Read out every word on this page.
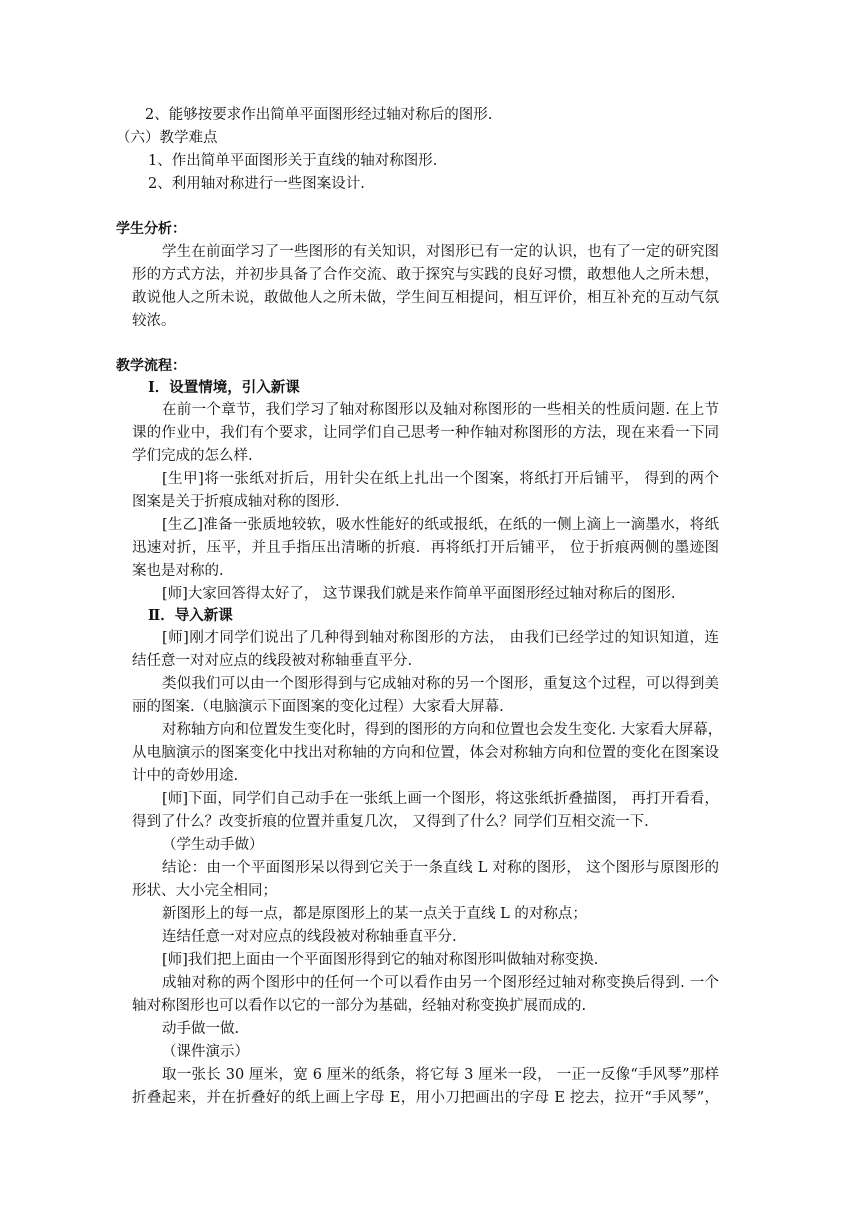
2、能够按要求作出简单平面图形经过轴对称后的图形.
（六）教学难点
1、作出简单平面图形关于直线的轴对称图形.
2、利用轴对称进行一些图案设计.
学生分析：
学生在前面学习了一些图形的有关知识，对图形已有一定的认识，也有了一定的研究图
形的方式方法，并初步具备了合作交流、敢于探究与实践的良好习惯，敢想他人之所未想，
敢说他人之所未说，敢做他人之所未做，学生间互相提问，相互评价，相互补充的互动气氛
较浓。
教学流程：
Ⅰ．设置情境，引入新课
在前一个章节，我们学习了轴对称图形以及轴对称图形的一些相关的性质问题. 在上节
课的作业中，我们有个要求，让同学们自己思考一种作轴对称图形的方法，现在来看一下同
学们完成的怎么样.
[生甲]将一张纸对折后，用针尖在纸上扎出一个图案，将纸打开后铺平， 得到的两个
图案是关于折痕成轴对称的图形.
[生乙]准备一张质地较软，吸水性能好的纸或报纸，在纸的一侧上滴上一滴墨水，将纸
迅速对折，压平，并且手指压出清晰的折痕．再将纸打开后铺平， 位于折痕两侧的墨迹图
案也是对称的.
[师]大家回答得太好了， 这节课我们就是来作简单平面图形经过轴对称后的图形.
Ⅱ．导入新课
[师]刚才同学们说出了几种得到轴对称图形的方法， 由我们已经学过的知识知道，连
结任意一对对应点的线段被对称轴垂直平分.
类似我们可以由一个图形得到与它成轴对称的另一个图形，重复这个过程，可以得到美
丽的图案.（电脑演示下面图案的变化过程）大家看大屏幕.
对称轴方向和位置发生变化时，得到的图形的方向和位置也会发生变化. 大家看大屏幕，
从电脑演示的图案变化中找出对称轴的方向和位置，体会对称轴方向和位置的变化在图案设
计中的奇妙用途.
[师]下面，同学们自己动手在一张纸上画一个图形，将这张纸折叠描图， 再打开看看，
得到了什么？改变折痕的位置并重复几次， 又得到了什么？同学们互相交流一下.
（学生动手做）
结论：由一个平面图形呆以得到它关于一条直线 L 对称的图形， 这个图形与原图形的
形状、大小完全相同；
新图形上的每一点，都是原图形上的某一点关于直线 L 的对称点；
连结任意一对对应点的线段被对称轴垂直平分.
[师]我们把上面由一个平面图形得到它的轴对称图形叫做轴对称变换.
成轴对称的两个图形中的任何一个可以看作由另一个图形经过轴对称变换后得到. 一个
轴对称图形也可以看作以它的一部分为基础，经轴对称变换扩展而成的.
动手做一做.
（课件演示）
取一张长 30 厘米，宽 6 厘米的纸条，将它每 3 厘米一段， 一正一反像“手风琴”那样
折叠起来，并在折叠好的纸上画上字母 E，用小刀把画出的字母 E 挖去，拉开“手风琴”，
